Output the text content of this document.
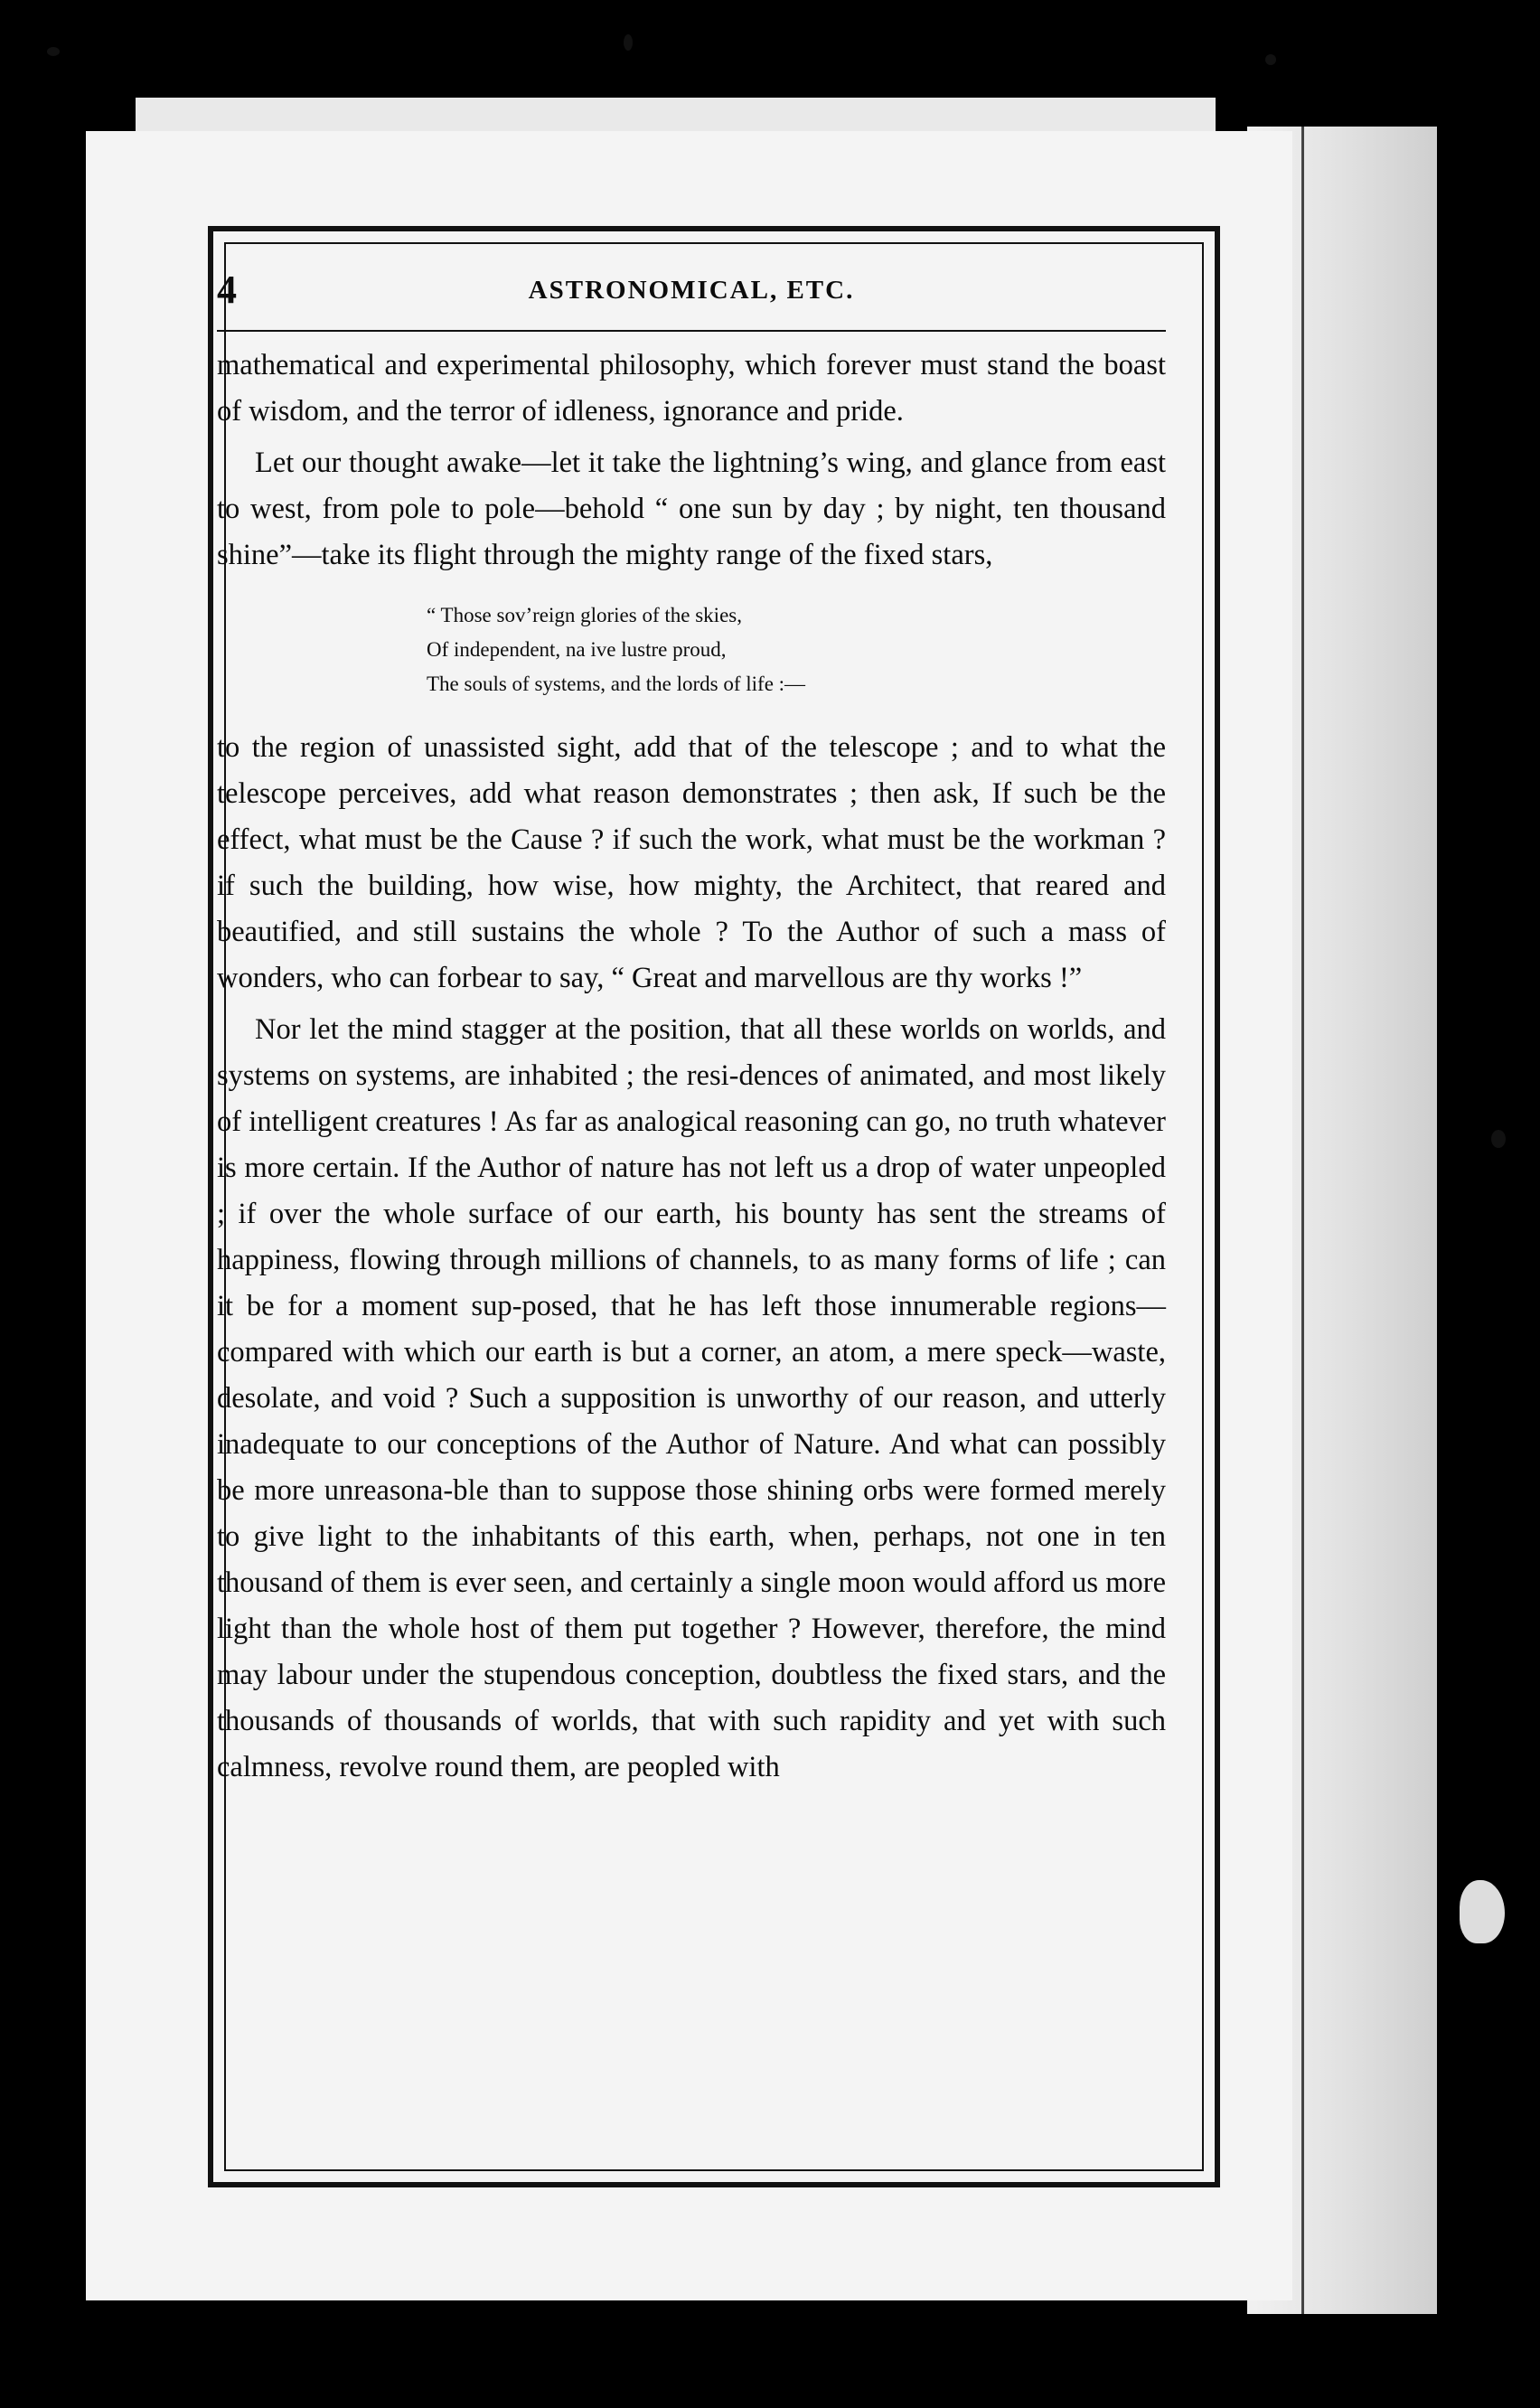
4	ASTRONOMICAL, ETC.

mathematical and experimental philosophy, which forever must stand the boast of wisdom, and the terror of idleness, ignorance and pride.

Let our thought awake—let it take the lightning’s wing, and glance from east to west, from pole to pole—behold “ one sun by day ; by night, ten thousand shine”—take its flight through the mighty range of the fixed stars,

“ Those sov’reign glories of the skies,
Of independent, na ive lustre proud,
The souls of systems, and the lords of life :—

to the region of unassisted sight, add that of the telescope ; and to what the telescope perceives, add what reason demonstrates ; then ask, If such be the effect, what must be the Cause ? if such the work, what must be the workman ? if such the building, how wise, how mighty, the Architect, that reared and beautified, and still sustains the whole ? To the Author of such a mass of wonders, who can forbear to say, “ Great and marvellous are thy works !”

Nor let the mind stagger at the position, that all these worlds on worlds, and systems on systems, are inhabited ; the resi-dences of animated, and most likely of intelligent creatures ! As far as analogical reasoning can go, no truth whatever is more certain. If the Author of nature has not left us a drop of water unpeopled ; if over the whole surface of our earth, his bounty has sent the streams of happiness, flowing through millions of channels, to as many forms of life ; can it be for a moment sup-posed, that he has left those innumerable regions—compared with which our earth is but a corner, an atom, a mere speck—waste, desolate, and void ? Such a supposition is unworthy of our reason, and utterly inadequate to our conceptions of the Author of Nature. And what can possibly be more unreasona-ble than to suppose those shining orbs were formed merely to give light to the inhabitants of this earth, when, perhaps, not one in ten thousand of them is ever seen, and certainly a single moon would afford us more light than the whole host of them put together ? However, therefore, the mind may labour under the stupendous conception, doubtless the fixed stars, and the thousands of thousands of worlds, that with such rapidity and yet with such calmness, revolve round them, are peopled with
